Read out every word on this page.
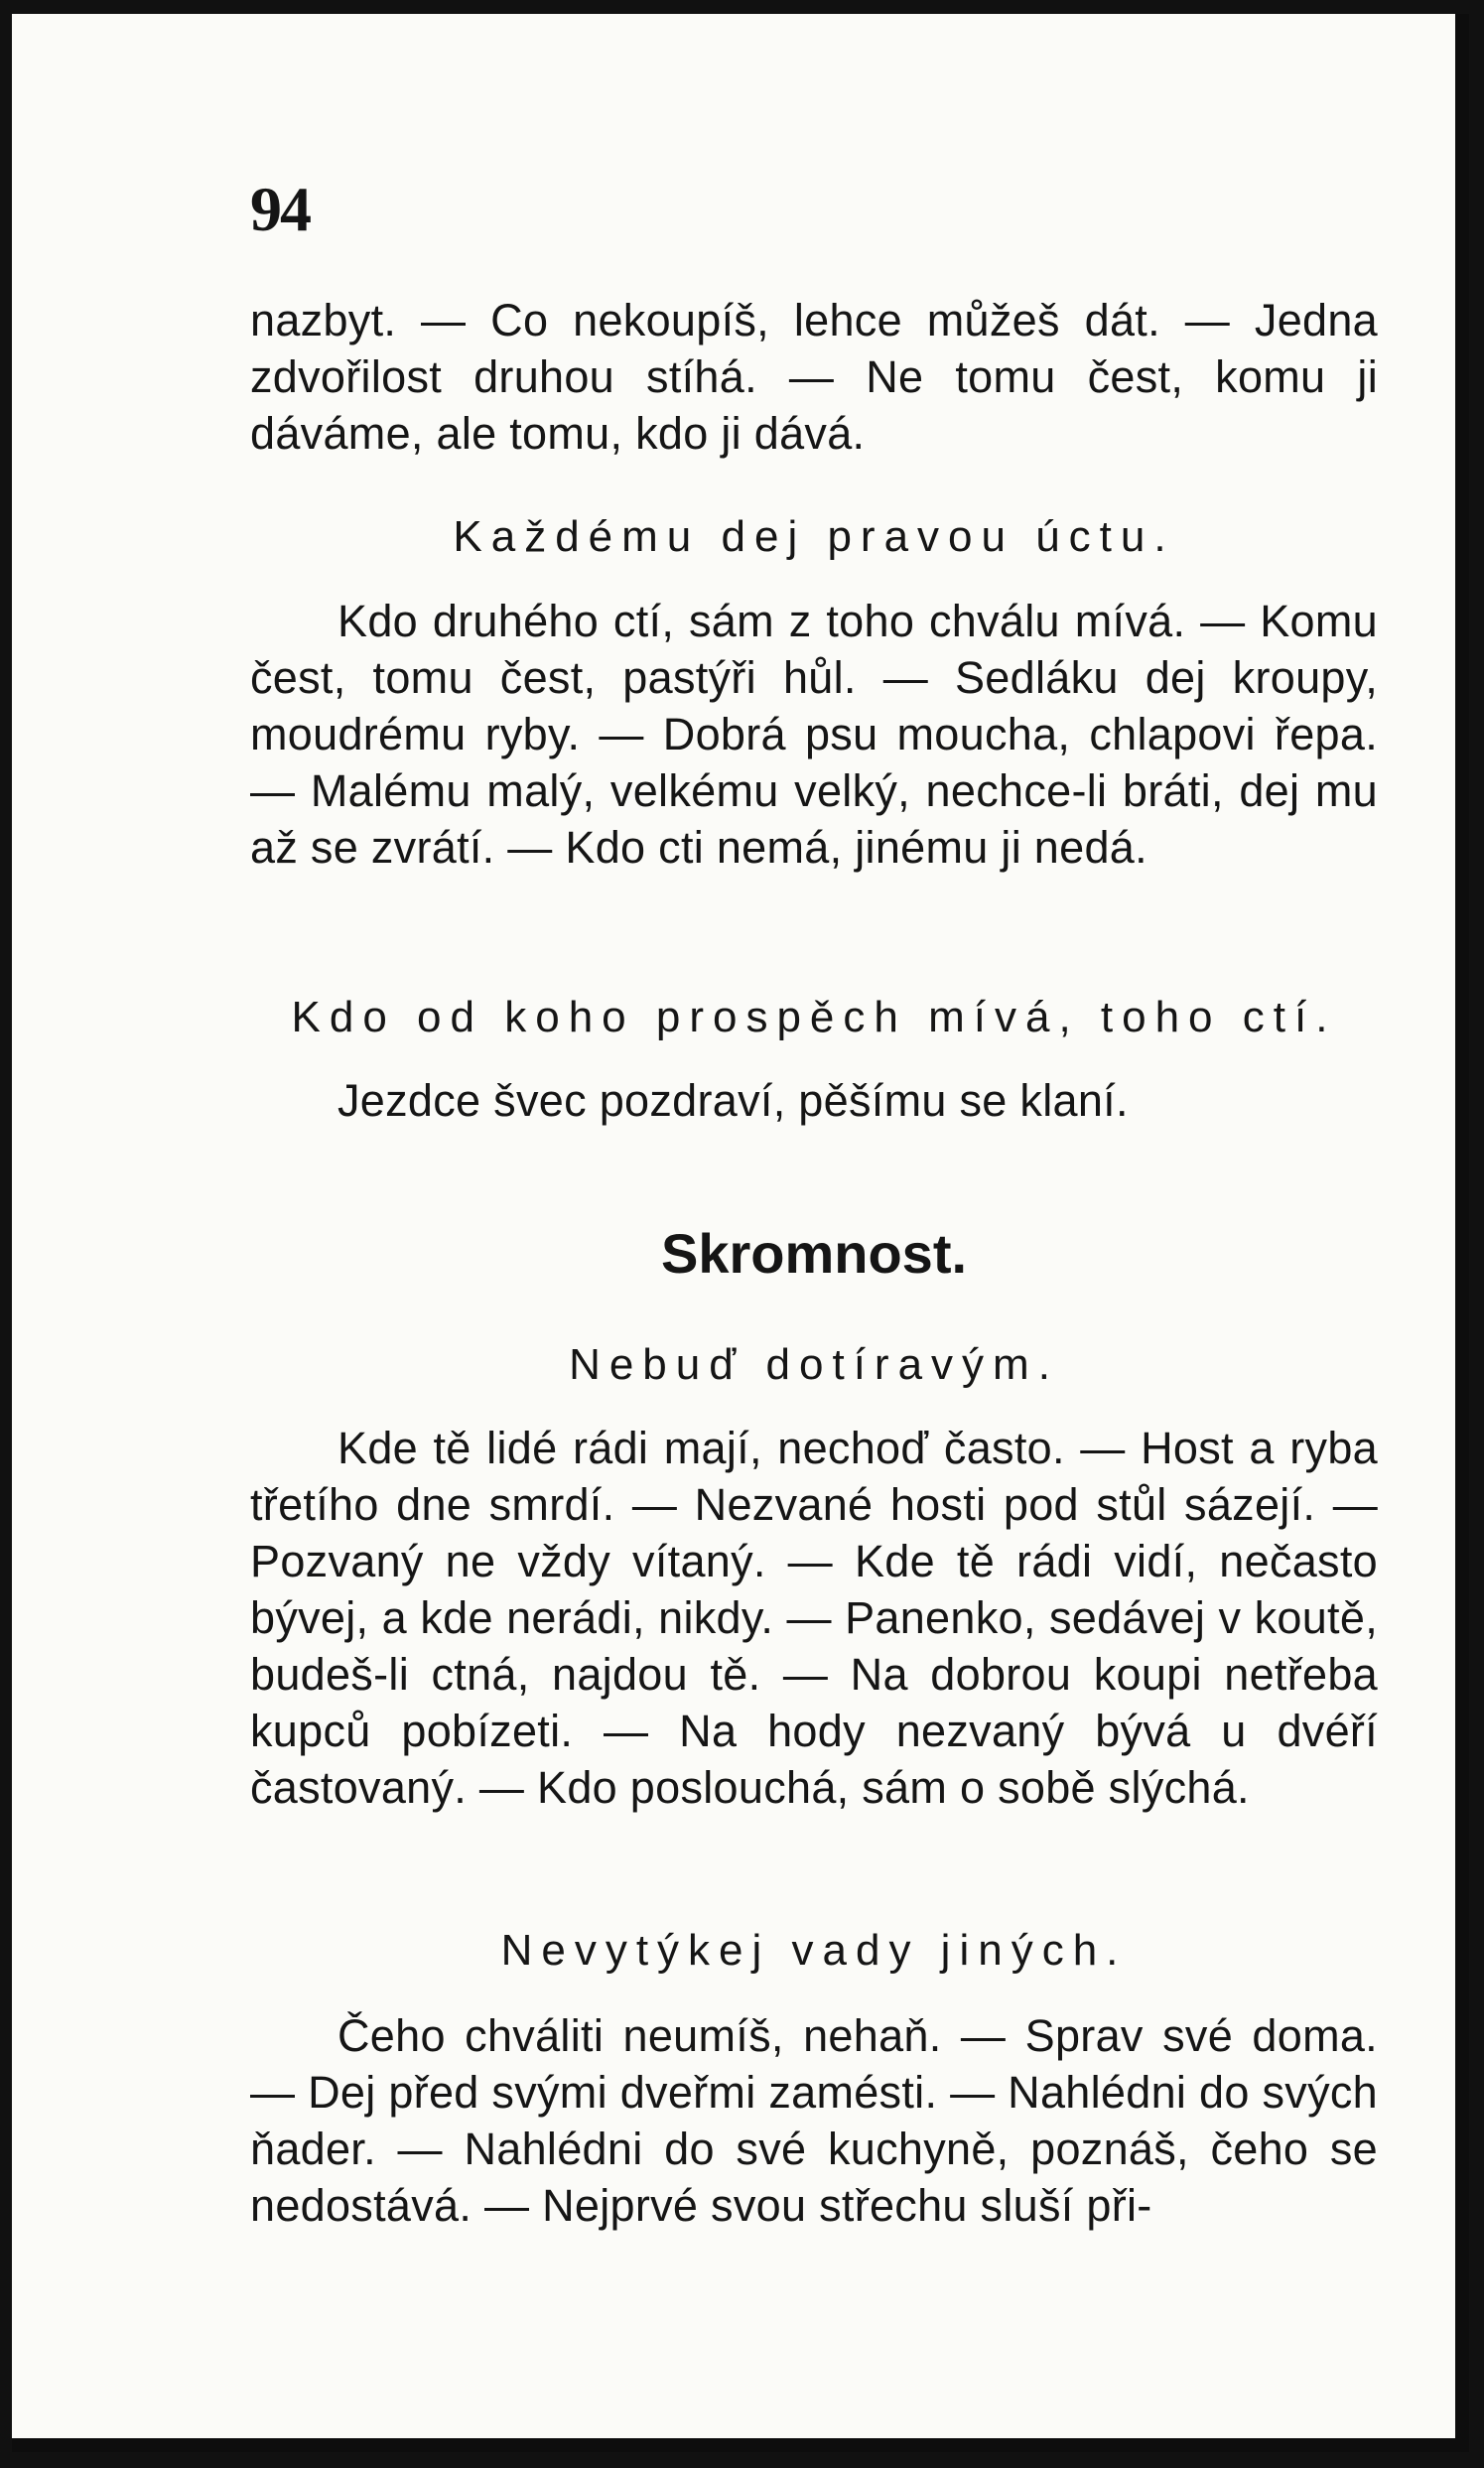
94

nazbyt. — Co nekoupíš, lehce můžeš dát. — Jedna zdvořilost druhou stíhá. — Ne tomu čest, komu ji dáváme, ale tomu, kdo ji dává.

Každému dej pravou úctu.

Kdo druhého ctí, sám z toho chválu mívá. — Komu čest, tomu čest, pastýři hůl. — Sedláku dej kroupy, moudrému ryby. — Dobrá psu moucha, chlapovi řepa. — Malému malý, velkému velký, nechce-li bráti, dej mu až se zvrátí. — Kdo cti nemá, jinému ji nedá.

Kdo od koho prospěch mívá, toho ctí.

Jezdce švec pozdraví, pěšímu se klaní.

Skromnost.

Nebuď dotíravým.

Kde tě lidé rádi mají, nechoď často. — Host a ryba třetího dne smrdí. — Nezvané hosti pod stůl sázejí. — Pozvaný ne vždy vítaný. — Kde tě rádi vidí, nečasto bývej, a kde nerádi, nikdy. — Panenko, sedávej v koutě, budeš-li ctná, najdou tě. — Na dobrou koupi netřeba kupců pobízeti. — Na hody nezvaný bývá u dvéří častovaný. — Kdo poslouchá, sám o sobě slýchá.

Nevytýkej vady jiných.

Čeho chváliti neumíš, nehaň. — Sprav své doma. — Dej před svými dveřmi zamésti. — Nahlédni do svých ňader. — Nahlédni do své kuchyně, poznáš, čeho se nedostává. — Nejprvé svou střechu sluší při-
